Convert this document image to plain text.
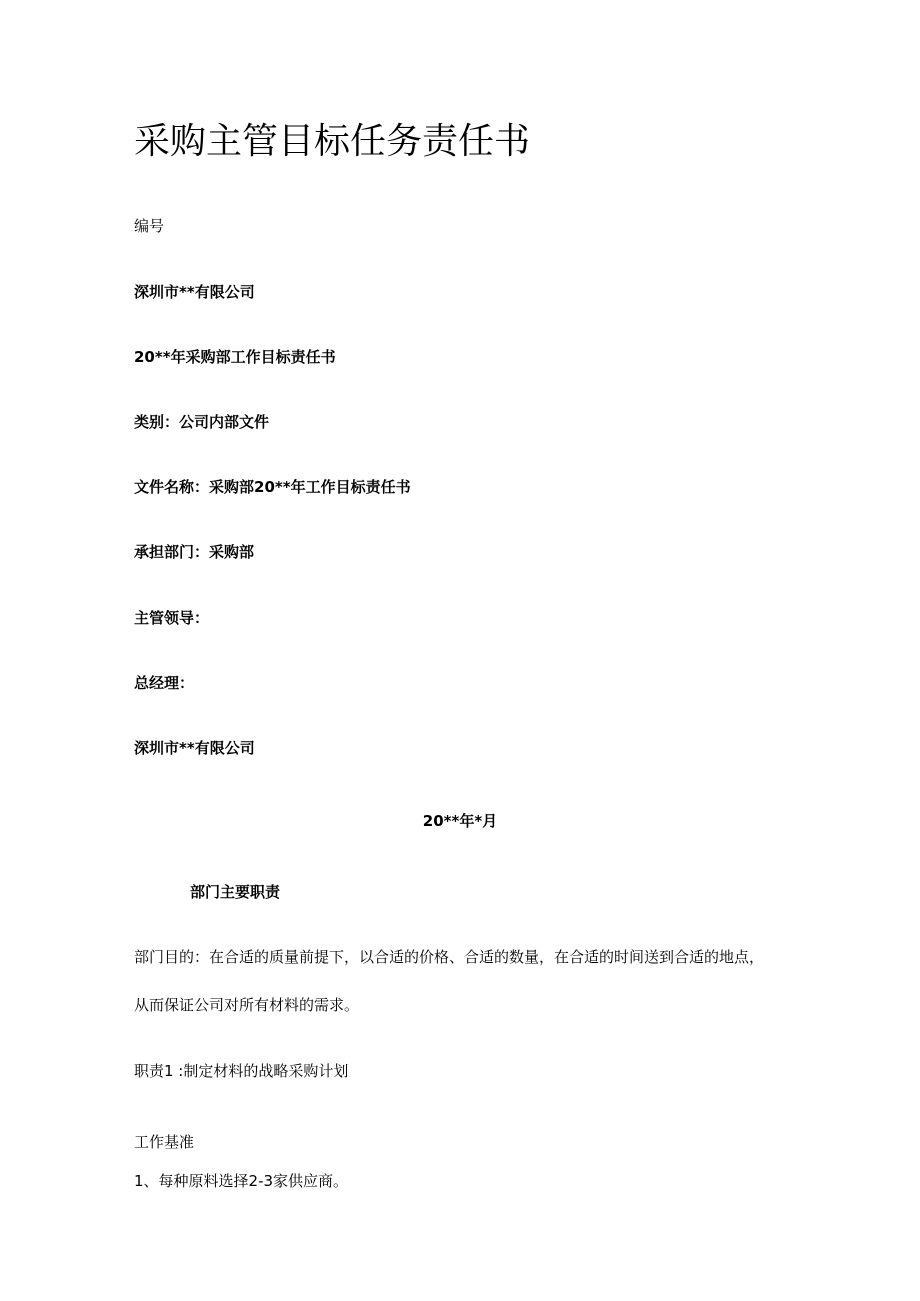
采购主管目标任务责任书
编号
深圳市**有限公司
20**年采购部工作目标责任书
类别：公司内部文件
文件名称：采购部20**年工作目标责任书
承担部门：采购部
主管领导：
总经理：
深圳市**有限公司
20**年*月
部门主要职责
部门目的：在合适的质量前提下，以合适的价格、合适的数量，在合适的时间送到合适的地点，从而保证公司对所有材料的需求。
职责1 :制定材料的战略采购计划
工作基准
1、每种原料选择2-3家供应商。
